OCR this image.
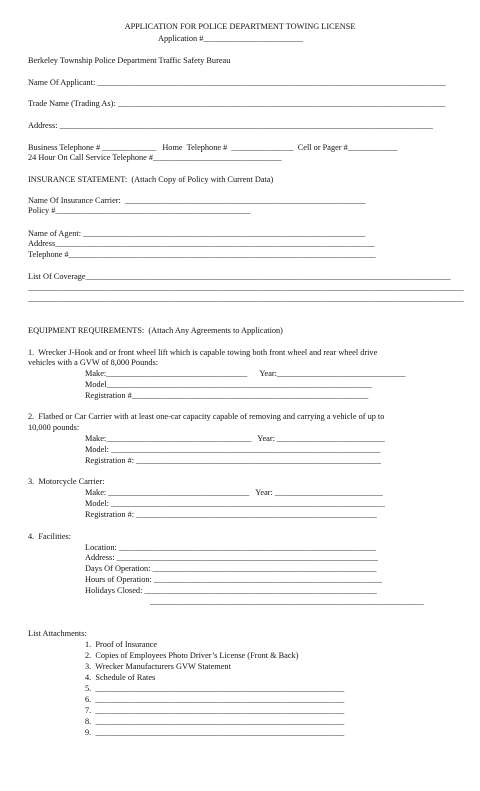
APPLICATION FOR POLICE DEPARTMENT TOWING LICENSE
Application #________________________
Berkeley Township Police Department Traffic Safety Bureau
Name Of Applicant: ____________________________________________________________________________________
Trade Name (Trading As): _______________________________________________________________________________
Address: __________________________________________________________________________________________
Business Telephone # _____________   Home  Telephone #  _______________  Cell or Pager #____________
24 Hour On Call Service Telephone #_______________________________
INSURANCE STATEMENT:  (Attach Copy of Policy with Current Data)
Name Of Insurance Carrier:  __________________________________________________________
Policy #_______________________________________________
Name of Agent: ____________________________________________________________________
Address_____________________________________________________________________________
Telephone #__________________________________________________________________________
List Of Coverage________________________________________________________________________________________
_________________________________________________________________________________________________________
_________________________________________________________________________________________________________
EQUIPMENT REQUIREMENTS:  (Attach Any Agreements to Application)
1.  Wrecker J-Hook and or front wheel lift which is capable towing both front wheel and rear wheel drive
vehicles with a GVW of 8,000 Pounds:
Make:__________________________________      Year:_______________________________
Model________________________________________________________________
Registration #_________________________________________________________
2.  Flatbed or Car Carrier with at least one-car capacity capable of removing and carrying a vehicle of up to
10,000 pounds:
Make:___________________________________   Year: __________________________
Model: _________________________________________________________________
Registration #: ___________________________________________________________
3.  Motorcycle Carrier:
Make: __________________________________   Year: __________________________
Model: __________________________________________________________________
Registration #: __________________________________________________________
4.  Facilities:
Location: ______________________________________________________________
Address: _______________________________________________________________
Days Of Operation: ______________________________________________________
Hours of Operation: _______________________________________________________
Holidays Closed: ________________________________________________________
__________________________________________________________________
List Attachments:
1.  Proof of Insurance
2.  Copies of Employees Photo Driver’s License (Front & Back)
3.  Wrecker Manufacturers GVW Statement
4.  Schedule of Rates
5.  ____________________________________________________________
6.  ____________________________________________________________
7.  ____________________________________________________________
8.  ____________________________________________________________
9.  ____________________________________________________________
